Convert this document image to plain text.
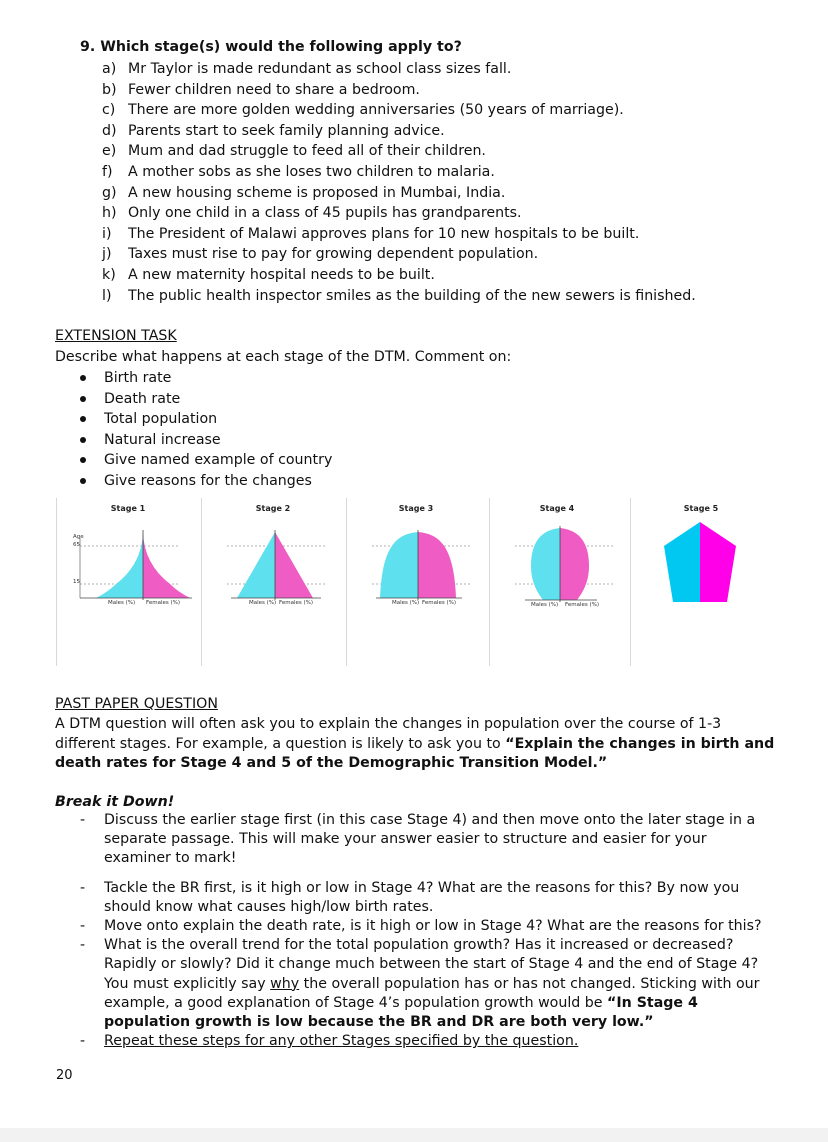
9. Which stage(s) would the following apply to?
a) Mr Taylor is made redundant as school class sizes fall.
b) Fewer children need to share a bedroom.
c) There are more golden wedding anniversaries (50 years of marriage).
d) Parents start to seek family planning advice.
e) Mum and dad struggle to feed all of their children.
f) A mother sobs as she loses two children to malaria.
g) A new housing scheme is proposed in Mumbai, India.
h) Only one child in a class of 45 pupils has grandparents.
i) The President of Malawi approves plans for 10 new hospitals to be built.
j) Taxes must rise to pay for growing dependent population.
k) A new maternity hospital needs to be built.
l) The public health inspector smiles as the building of the new sewers is finished.
EXTENSION TASK
Describe what happens at each stage of the DTM. Comment on:
Birth rate
Death rate
Total population
Natural increase
Give named example of country
Give reasons for the changes
Stage 1
Age
65
15
Males (%) Females (%)
Stage 2
Males (%) Females (%)
Stage 3
Males (%) Females (%)
Stage 4
Males (%) Females (%)
Stage 5
PAST PAPER QUESTION
A DTM question will often ask you to explain the changes in population over the course of 1-3 different stages. For example, a question is likely to ask you to “Explain the changes in birth and death rates for Stage 4 and 5 of the Demographic Transition Model.”
Break it Down!
- Discuss the earlier stage first (in this case Stage 4) and then move onto the later stage in a separate passage. This will make your answer easier to structure and easier for your examiner to mark!
- Tackle the BR first, is it high or low in Stage 4? What are the reasons for this? By now you should know what causes high/low birth rates.
- Move onto explain the death rate, is it high or low in Stage 4? What are the reasons for this?
- What is the overall trend for the total population growth? Has it increased or decreased? Rapidly or slowly? Did it change much between the start of Stage 4 and the end of Stage 4? You must explicitly say why the overall population has or has not changed. Sticking with our example, a good explanation of Stage 4’s population growth would be “In Stage 4 population growth is low because the BR and DR are both very low.”
- Repeat these steps for any other Stages specified by the question.
20
